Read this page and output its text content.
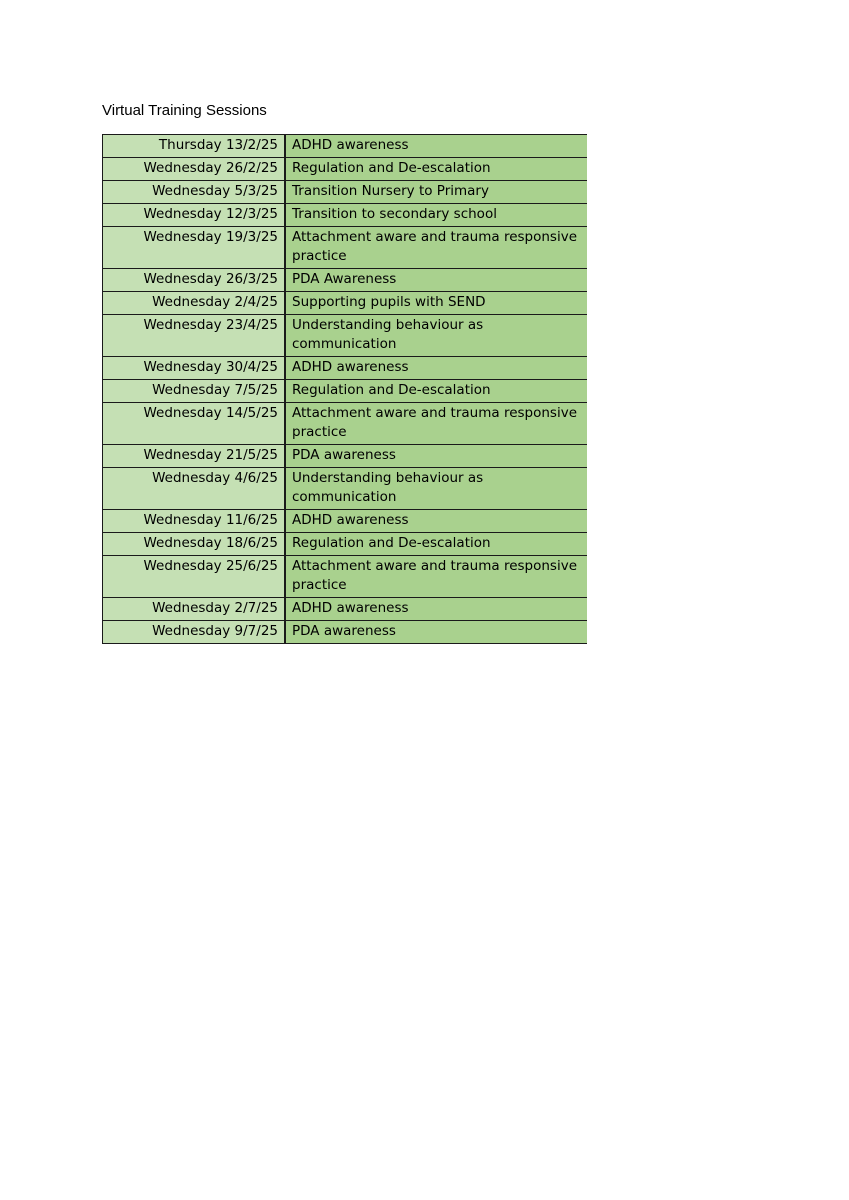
Virtual Training Sessions
Thursday 13/2/25	ADHD awareness
Wednesday 26/2/25	Regulation and De-escalation
Wednesday 5/3/25	Transition Nursery to Primary
Wednesday 12/3/25	Transition to secondary school
Wednesday 19/3/25	Attachment aware and trauma responsive practice
Wednesday 26/3/25	PDA Awareness
Wednesday 2/4/25	Supporting pupils with SEND
Wednesday 23/4/25	Understanding behaviour as communication
Wednesday 30/4/25	ADHD awareness
Wednesday 7/5/25	Regulation and De-escalation
Wednesday 14/5/25	Attachment aware and trauma responsive practice
Wednesday 21/5/25	PDA awareness
Wednesday 4/6/25	Understanding behaviour as communication
Wednesday 11/6/25	ADHD awareness
Wednesday 18/6/25	Regulation and De-escalation
Wednesday 25/6/25	Attachment aware and trauma responsive practice
Wednesday 2/7/25	ADHD awareness
Wednesday 9/7/25	PDA awareness
